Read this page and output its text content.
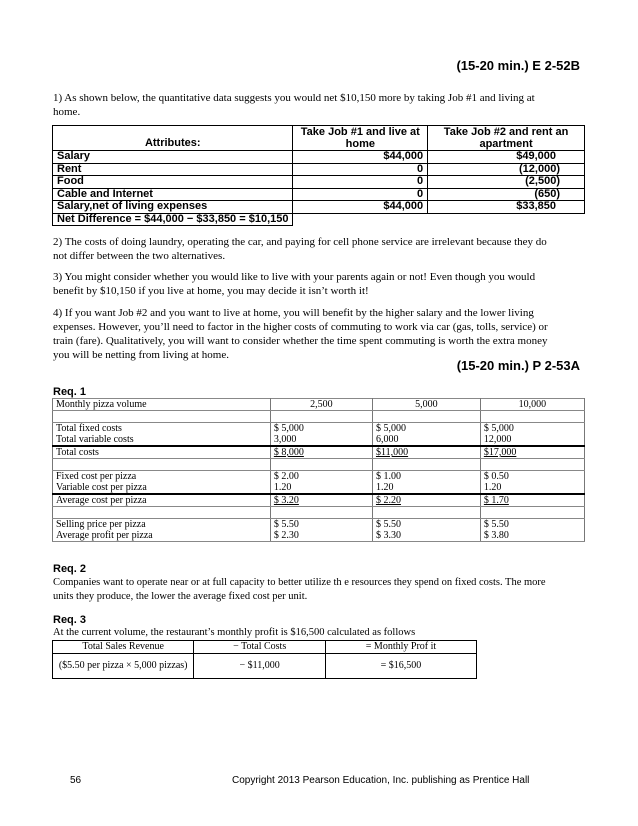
(15-20 min.) E 2-52B
1) As shown below, the quantitative data suggests you would net $10,150 more by taking Job #1 and living at home.
Attributes:	Take Job #1 and live at home	Take Job #2 and rent an apartment
Salary	$44,000	$49,000
Rent	0	(12,000)
Food	0	(2,500)
Cable and Internet	0	(650)
Salary,net of living expenses	$44,000	$33,850
Net Difference = $44,000 − $33,850 = $10,150		
2) The costs of doing laundry, operating the car, and paying for cell phone service are irrelevant because they do not differ between the two alternatives.
3) You might consider whether you would like to live with your parents again or not! Even though you would benefit by $10,150 if you live at home, you may decide it isn’t worth it!
4) If you want Job #2 and you want to live at home, you will benefit by the higher salary and the lower living expenses. However, you’ll need to factor in the higher costs of commuting to work via car (gas, tolls, service) or train (fare). Qualitatively, you will want to consider whether the time spent commuting is worth the extra money you will be netting from living at home.
(15-20 min.) P 2-53A
Req. 1
Monthly pizza volume	2,500	5,000	10,000

Total fixed costs	$ 5,000	$ 5,000	$ 5,000
Total variable costs	3,000	6,000	12,000
Total costs	$ 8,000	$11,000	$17,000

Fixed cost per pizza	$ 2.00	$ 1.00	$ 0.50
Variable cost per pizza	1.20	1.20	1.20
Average cost per pizza	$ 3.20	$ 2.20	$ 1.70

Selling price per pizza	$ 5.50	$ 5.50	$ 5.50
Average profit per pizza	$ 2.30	$ 3.30	$ 3.80
Req. 2
Companies want to operate near or at full capacity to better utilize th e resources they spend on fixed costs. The more units they produce, the lower the average fixed cost per unit.
Req. 3
At the current volume, the restaurant’s monthly profit is $16,500 calculated as follows
Total Sales Revenue	− Total Costs	= Monthly Prof it
($5.50 per pizza × 5,000 pizzas)	− $11,000	= $16,500
56	Copyright 2013 Pearson Education, Inc. publishing as Prentice Hall
